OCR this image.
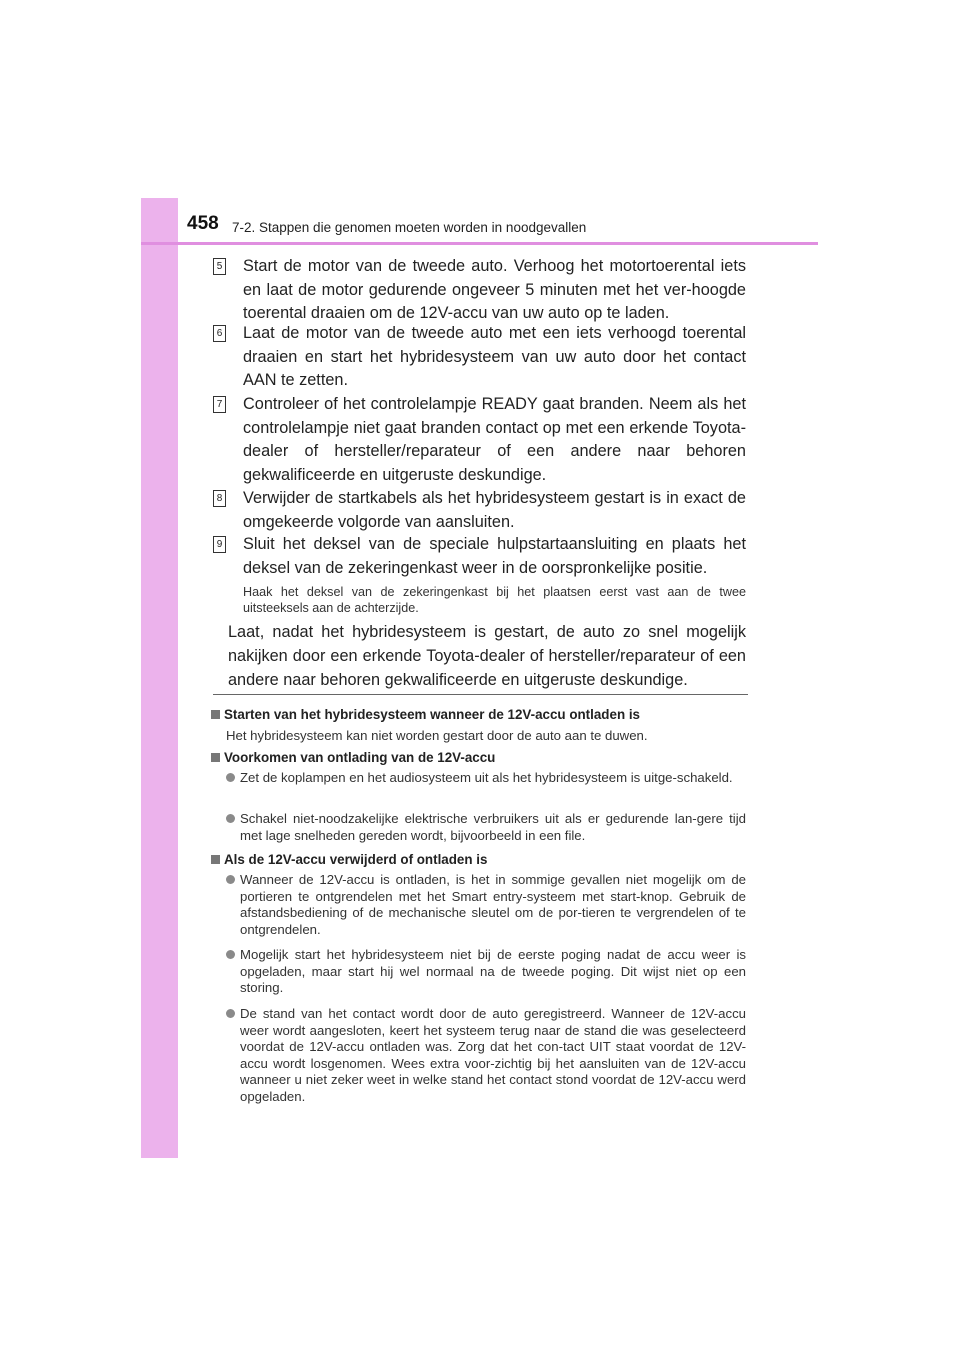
458 7-2. Stappen die genomen moeten worden in noodgevallen
5 Start de motor van de tweede auto. Verhoog het motortoerental iets en laat de motor gedurende ongeveer 5 minuten met het ver-hoogde toerental draaien om de 12V-accu van uw auto op te laden.
6 Laat de motor van de tweede auto met een iets verhoogd toerental draaien en start het hybridesysteem van uw auto door het contact AAN te zetten.
7 Controleer of het controlelampje READY gaat branden. Neem als het controlelampje niet gaat branden contact op met een erkende Toyota-dealer of hersteller/reparateur of een andere naar behoren gekwalificeerde en uitgeruste deskundige.
8 Verwijder de startkabels als het hybridesysteem gestart is in exact de omgekeerde volgorde van aansluiten.
9 Sluit het deksel van de speciale hulpstartaansluiting en plaats het deksel van de zekeringenkast weer in de oorspronkelijke positie.
Haak het deksel van de zekeringenkast bij het plaatsen eerst vast aan de twee uitsteeksels aan de achterzijde.
Laat, nadat het hybridesysteem is gestart, de auto zo snel mogelijk nakijken door een erkende Toyota-dealer of hersteller/reparateur of een andere naar behoren gekwalificeerde en uitgeruste deskundige.
Starten van het hybridesysteem wanneer de 12V-accu ontladen is
Het hybridesysteem kan niet worden gestart door de auto aan te duwen.
Voorkomen van ontlading van de 12V-accu
Zet de koplampen en het audiosysteem uit als het hybridesysteem is uitge-schakeld.
Schakel niet-noodzakelijke elektrische verbruikers uit als er gedurende lan-gere tijd met lage snelheden gereden wordt, bijvoorbeeld in een file.
Als de 12V-accu verwijderd of ontladen is
Wanneer de 12V-accu is ontladen, is het in sommige gevallen niet mogelijk om de portieren te ontgrendelen met het Smart entry-systeem met start-knop. Gebruik de afstandsbediening of de mechanische sleutel om de por-tieren te vergrendelen of te ontgrendelen.
Mogelijk start het hybridesysteem niet bij de eerste poging nadat de accu weer is opgeladen, maar start hij wel normaal na de tweede poging. Dit wijst niet op een storing.
De stand van het contact wordt door de auto geregistreerd. Wanneer de 12V-accu weer wordt aangesloten, keert het systeem terug naar de stand die was geselecteerd voordat de 12V-accu ontladen was. Zorg dat het con-tact UIT staat voordat de 12V-accu wordt losgenomen. Wees extra voor-zichtig bij het aansluiten van de 12V-accu wanneer u niet zeker weet in welke stand het contact stond voordat de 12V-accu werd opgeladen.
